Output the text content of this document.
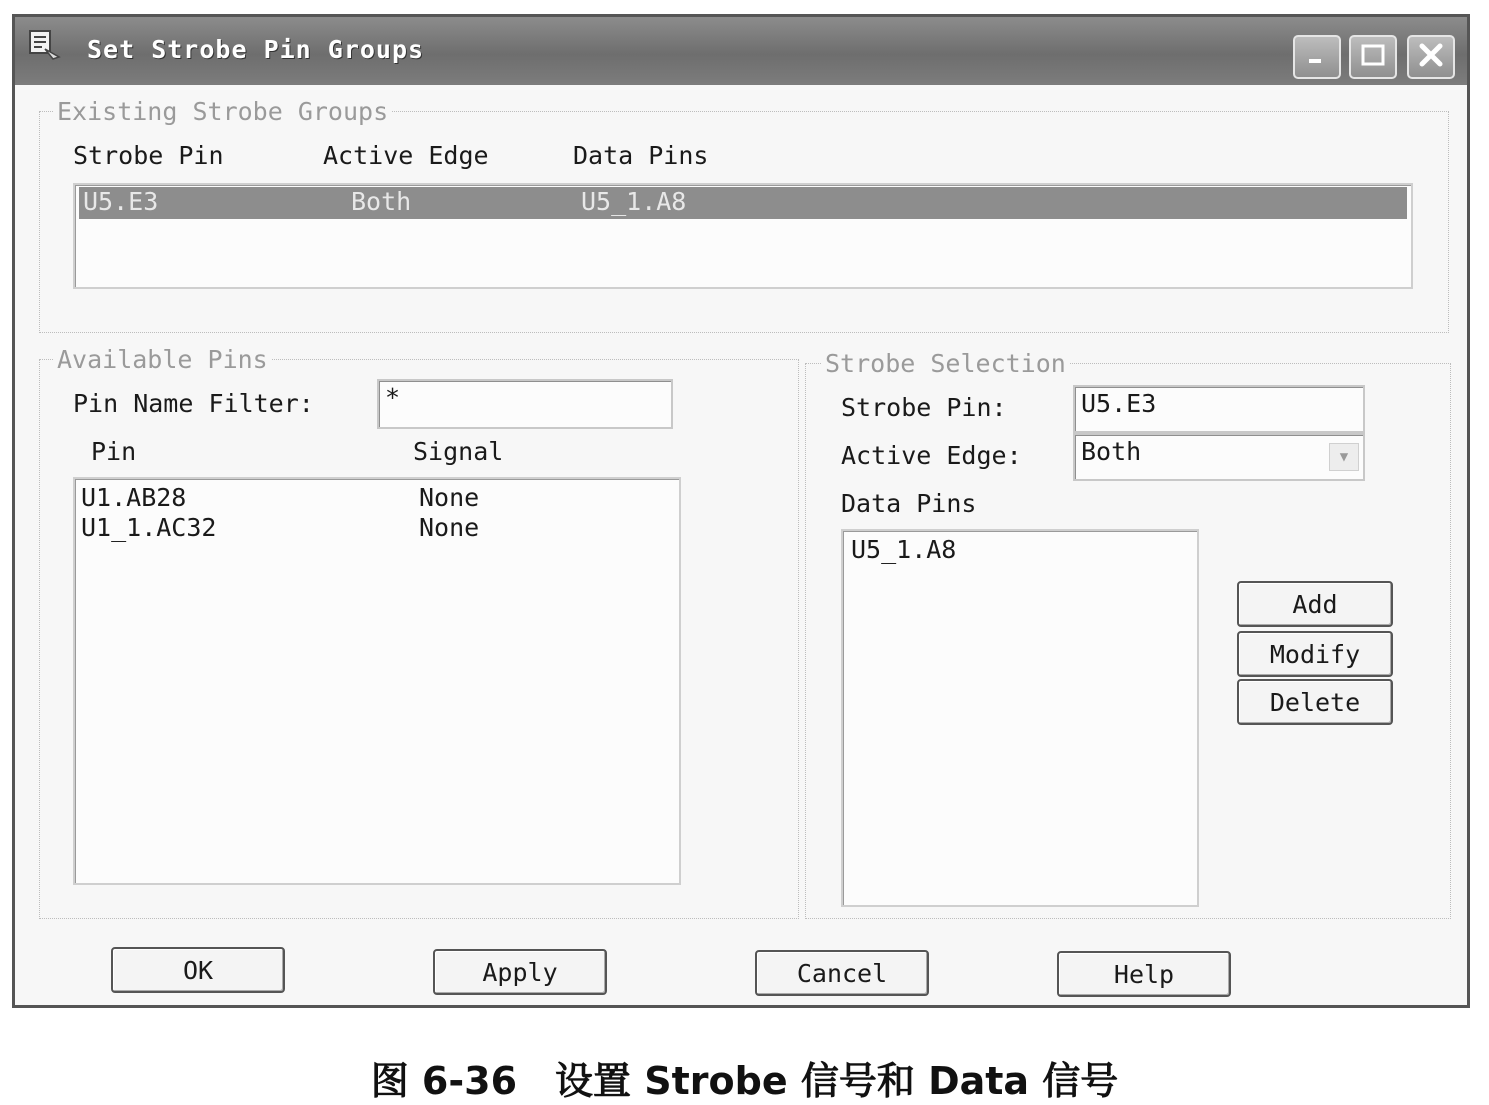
Set Strobe Pin Groups
Existing Strobe Groups
Strobe Pin	Active Edge	Data Pins
U5.E3	Both	U5_1.A8
Available Pins
Pin Name Filter:	*
Pin	Signal
U1.AB28	None
U1_1.AC32	None
Strobe Selection
Strobe Pin:	U5.E3
Active Edge:	Both	▼
Data Pins
U5_1.A8
Add
Modify
Delete
OK	Apply	Cancel	Help
图 6-36　设置 Strobe 信号和 Data 信号
